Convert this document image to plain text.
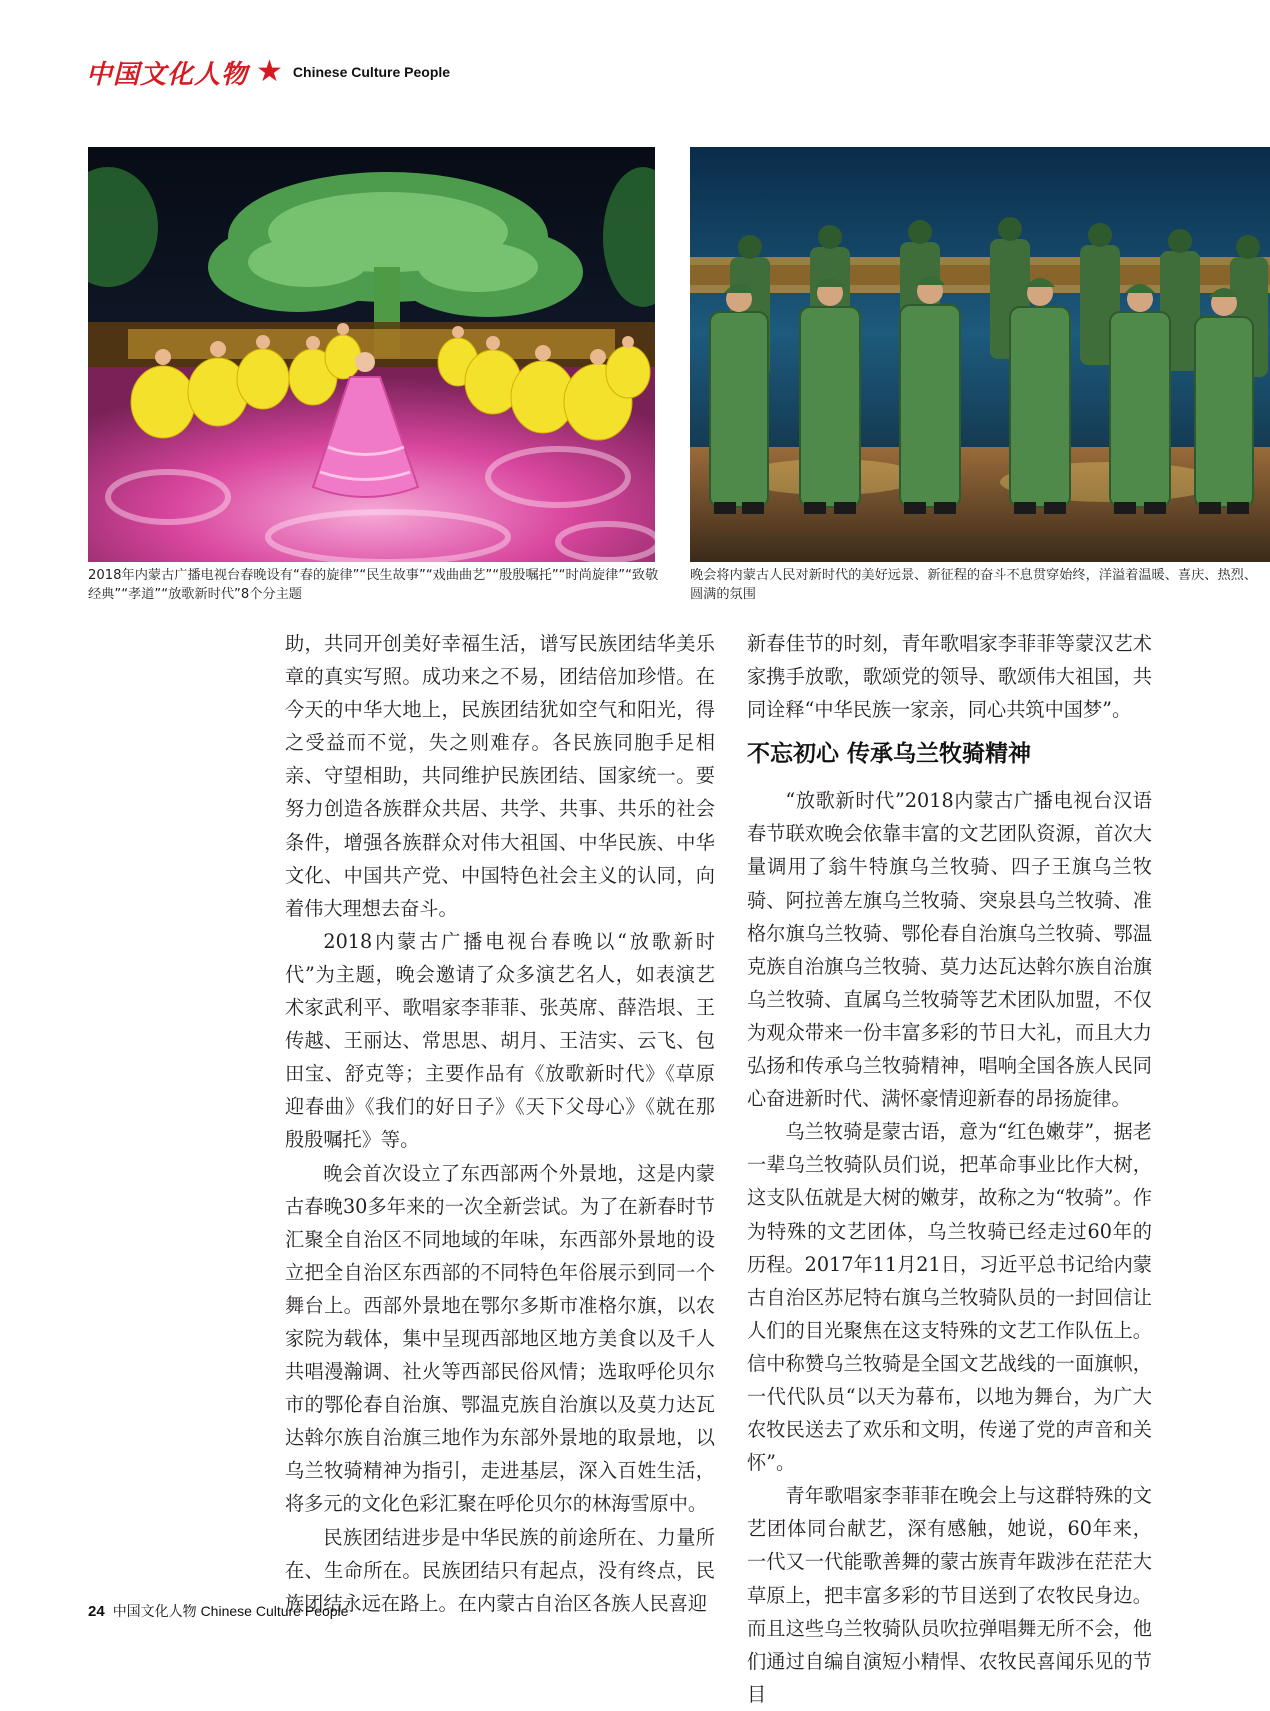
中国文化人物 ★ Chinese Culture People
2018年内蒙古广播电视台春晚设有“春的旋律”“民生故事”“戏曲曲艺”“殷殷嘱托”“时尚旋律”“致敬经典”“孝道”“放歌新时代”8个分主题
晚会将内蒙古人民对新时代的美好远景、新征程的奋斗不息贯穿始终，洋溢着温暖、喜庆、热烈、圆满的氛围

助，共同开创美好幸福生活，谱写民族团结华美乐章的真实写照。成功来之不易，团结倍加珍惜。在今天的中华大地上，民族团结犹如空气和阳光，得之受益而不觉，失之则难存。各民族同胞手足相亲、守望相助，共同维护民族团结、国家统一。要努力创造各族群众共居、共学、共事、共乐的社会条件，增强各族群众对伟大祖国、中华民族、中华文化、中国共产党、中国特色社会主义的认同，向着伟大理想去奋斗。

2018内蒙古广播电视台春晚以“放歌新时代”为主题，晚会邀请了众多演艺名人，如表演艺术家武利平、歌唱家李菲菲、张英席、薛浩垠、王传越、王丽达、常思思、胡月、王洁实、云飞、包田宝、舒克等；主要作品有《放歌新时代》《草原迎春曲》《我们的好日子》《天下父母心》《就在那殷殷嘱托》等。

晚会首次设立了东西部两个外景地，这是内蒙古春晚30多年来的一次全新尝试。为了在新春时节汇聚全自治区不同地域的年味，东西部外景地的设立把全自治区东西部的不同特色年俗展示到同一个舞台上。西部外景地在鄂尔多斯市准格尔旗，以农家院为载体，集中呈现西部地区地方美食以及千人共唱漫瀚调、社火等西部民俗风情；选取呼伦贝尔市的鄂伦春自治旗、鄂温克族自治旗以及莫力达瓦达斡尔族自治旗三地作为东部外景地的取景地，以乌兰牧骑精神为指引，走进基层，深入百姓生活，将多元的文化色彩汇聚在呼伦贝尔的林海雪原中。

民族团结进步是中华民族的前途所在、力量所在、生命所在。民族团结只有起点，没有终点，民族团结永远在路上。在内蒙古自治区各族人民喜迎

新春佳节的时刻，青年歌唱家李菲菲等蒙汉艺术家携手放歌，歌颂党的领导、歌颂伟大祖国，共同诠释“中华民族一家亲，同心共筑中国梦”。

不忘初心 传承乌兰牧骑精神

“放歌新时代”2018内蒙古广播电视台汉语春节联欢晚会依靠丰富的文艺团队资源，首次大量调用了翁牛特旗乌兰牧骑、四子王旗乌兰牧骑、阿拉善左旗乌兰牧骑、突泉县乌兰牧骑、准格尔旗乌兰牧骑、鄂伦春自治旗乌兰牧骑、鄂温克族自治旗乌兰牧骑、莫力达瓦达斡尔族自治旗乌兰牧骑、直属乌兰牧骑等艺术团队加盟，不仅为观众带来一份丰富多彩的节日大礼，而且大力弘扬和传承乌兰牧骑精神，唱响全国各族人民同心奋进新时代、满怀豪情迎新春的昂扬旋律。

乌兰牧骑是蒙古语，意为“红色嫩芽”，据老一辈乌兰牧骑队员们说，把革命事业比作大树，这支队伍就是大树的嫩芽，故称之为“牧骑”。作为特殊的文艺团体，乌兰牧骑已经走过60年的历程。2017年11月21日，习近平总书记给内蒙古自治区苏尼特右旗乌兰牧骑队员的一封回信让人们的目光聚焦在这支特殊的文艺工作队伍上。信中称赞乌兰牧骑是全国文艺战线的一面旗帜，一代代队员“以天为幕布，以地为舞台，为广大农牧民送去了欢乐和文明，传递了党的声音和关怀”。

青年歌唱家李菲菲在晚会上与这群特殊的文艺团体同台献艺，深有感触，她说，60年来，一代又一代能歌善舞的蒙古族青年跋涉在茫茫大草原上，把丰富多彩的节目送到了农牧民身边。而且这些乌兰牧骑队员吹拉弹唱舞无所不会，他们通过自编自演短小精悍、农牧民喜闻乐见的节目

24 中国文化人物 Chinese Culture People
